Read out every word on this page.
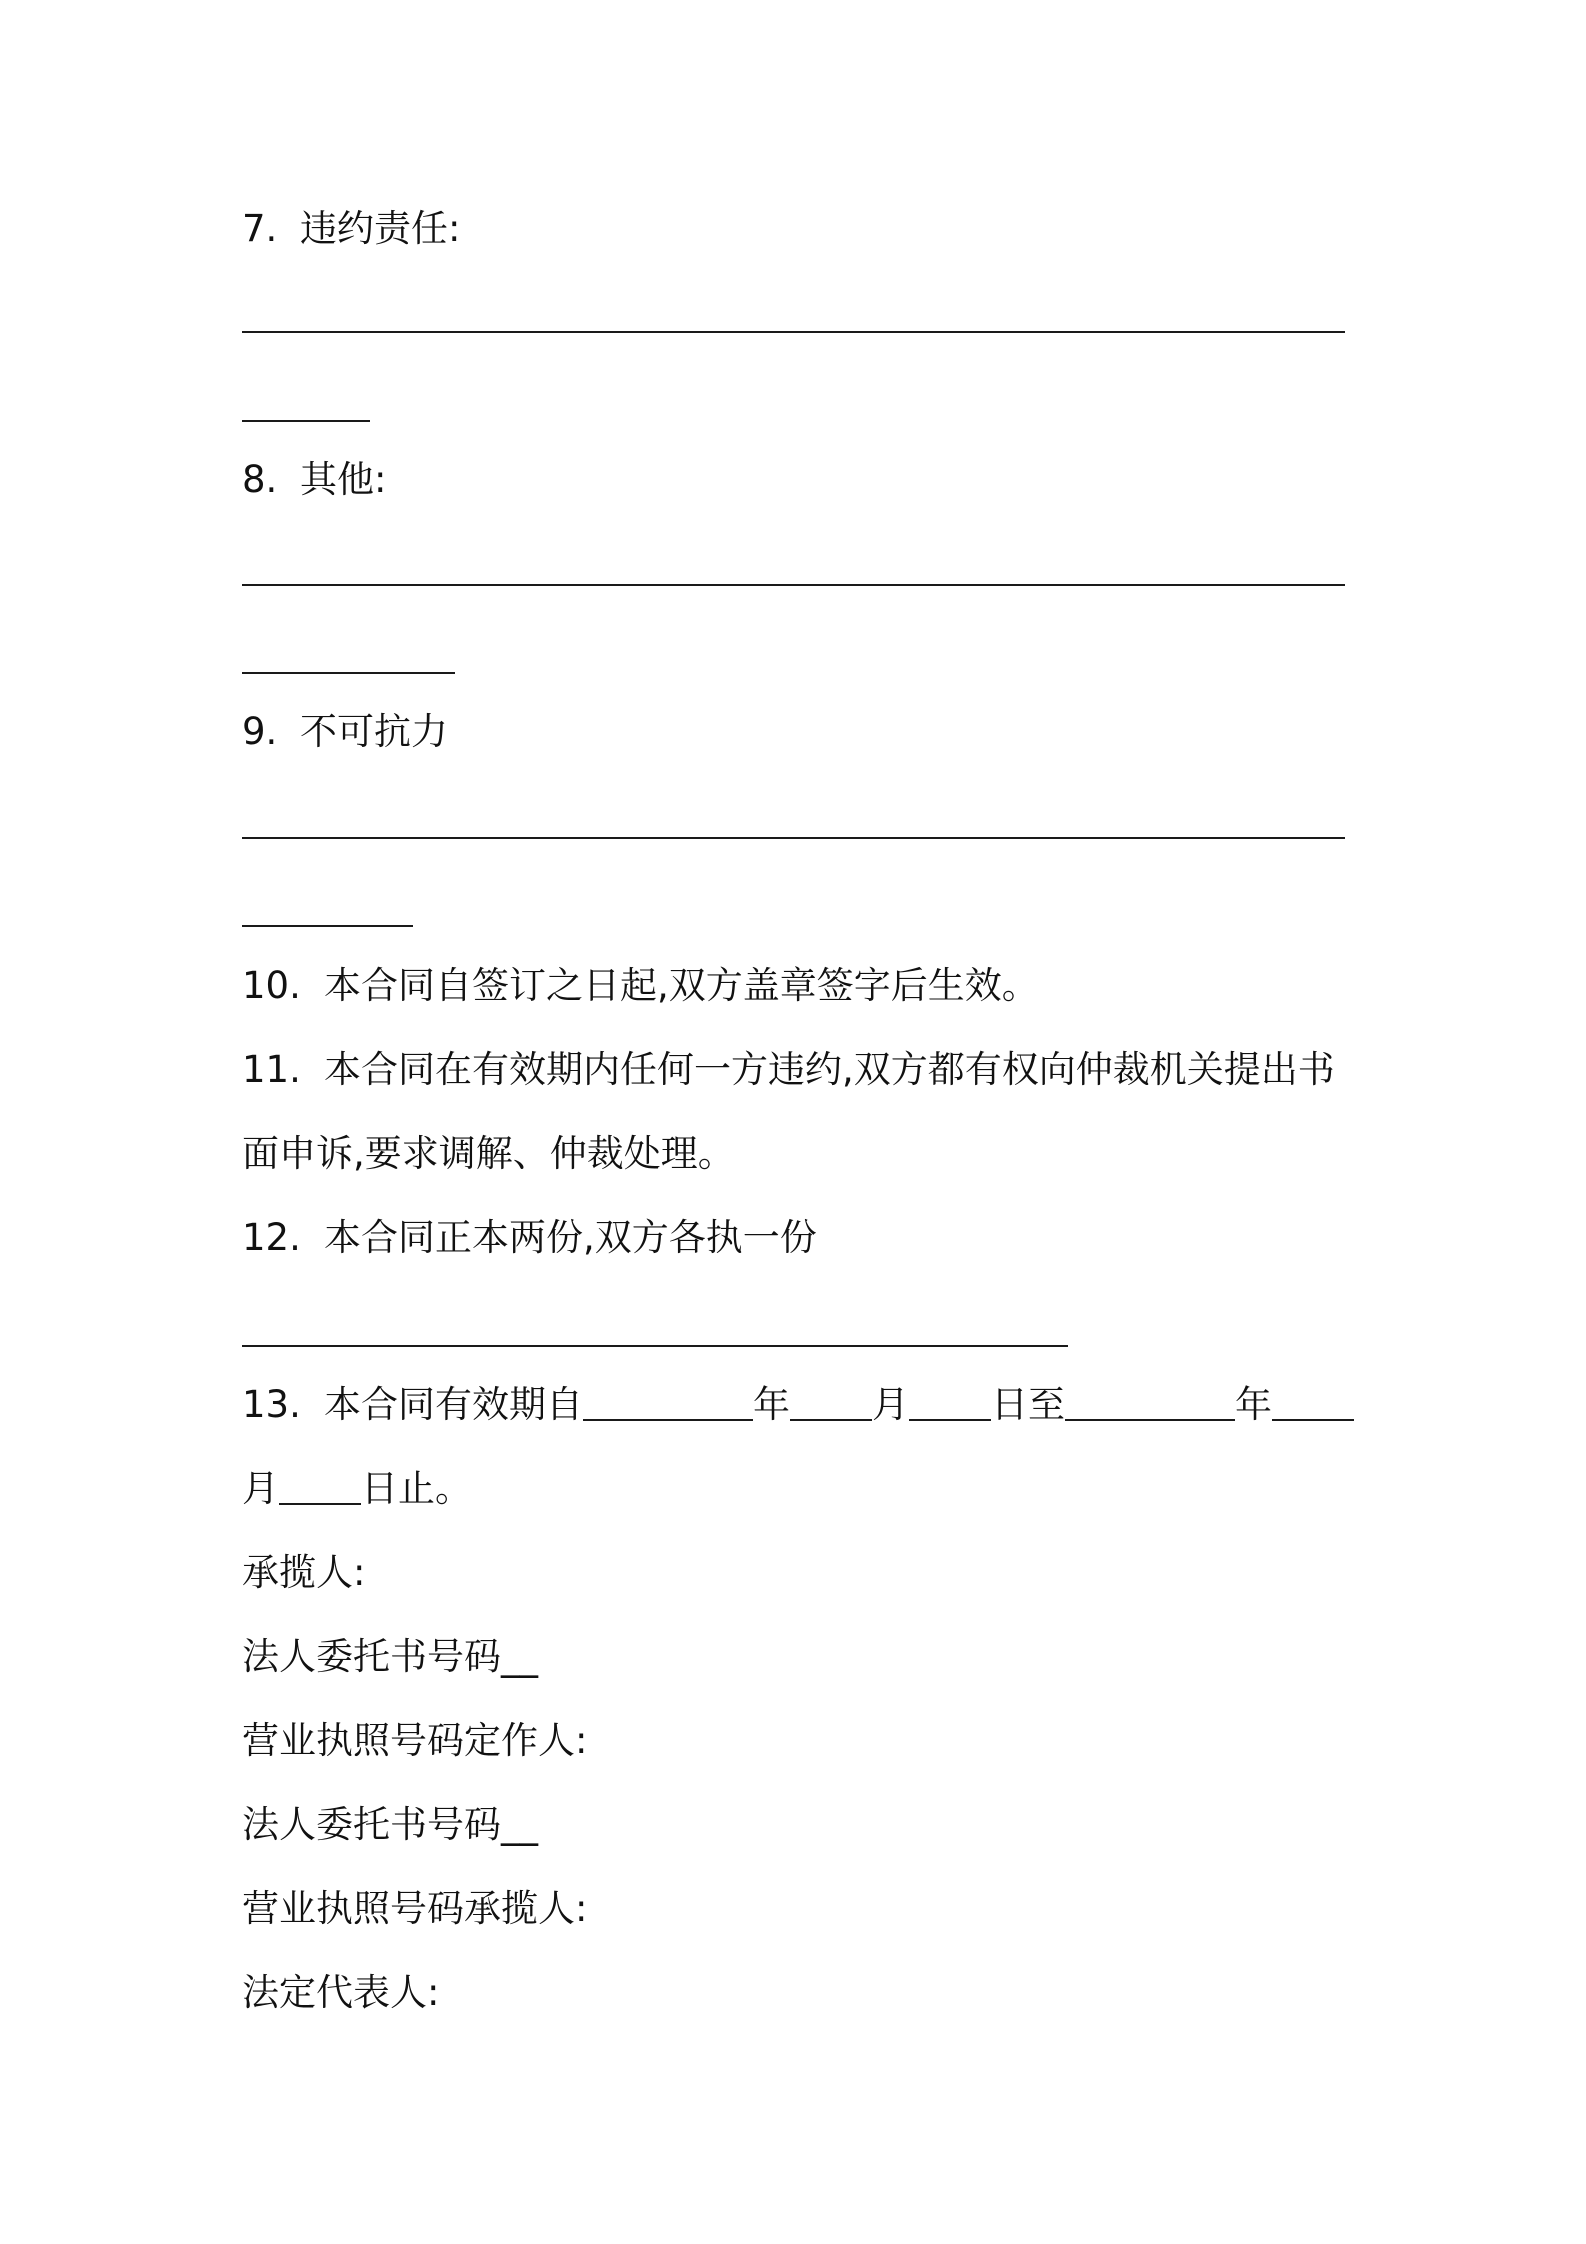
7. 违约责任:
8. 其他:
9. 不可抗力
10. 本合同自签订之日起,双方盖章签字后生效。
11. 本合同在有效期内任何一方违约,双方都有权向仲裁机关提出书
面申诉,要求调解、仲裁处理。
12. 本合同正本两份,双方各执一份
13. 本合同有效期自	年 月 日至	年
月 日止。
承揽人:
法人委托书号码__
营业执照号码定作人:
法人委托书号码__
营业执照号码承揽人:
法定代表人:
